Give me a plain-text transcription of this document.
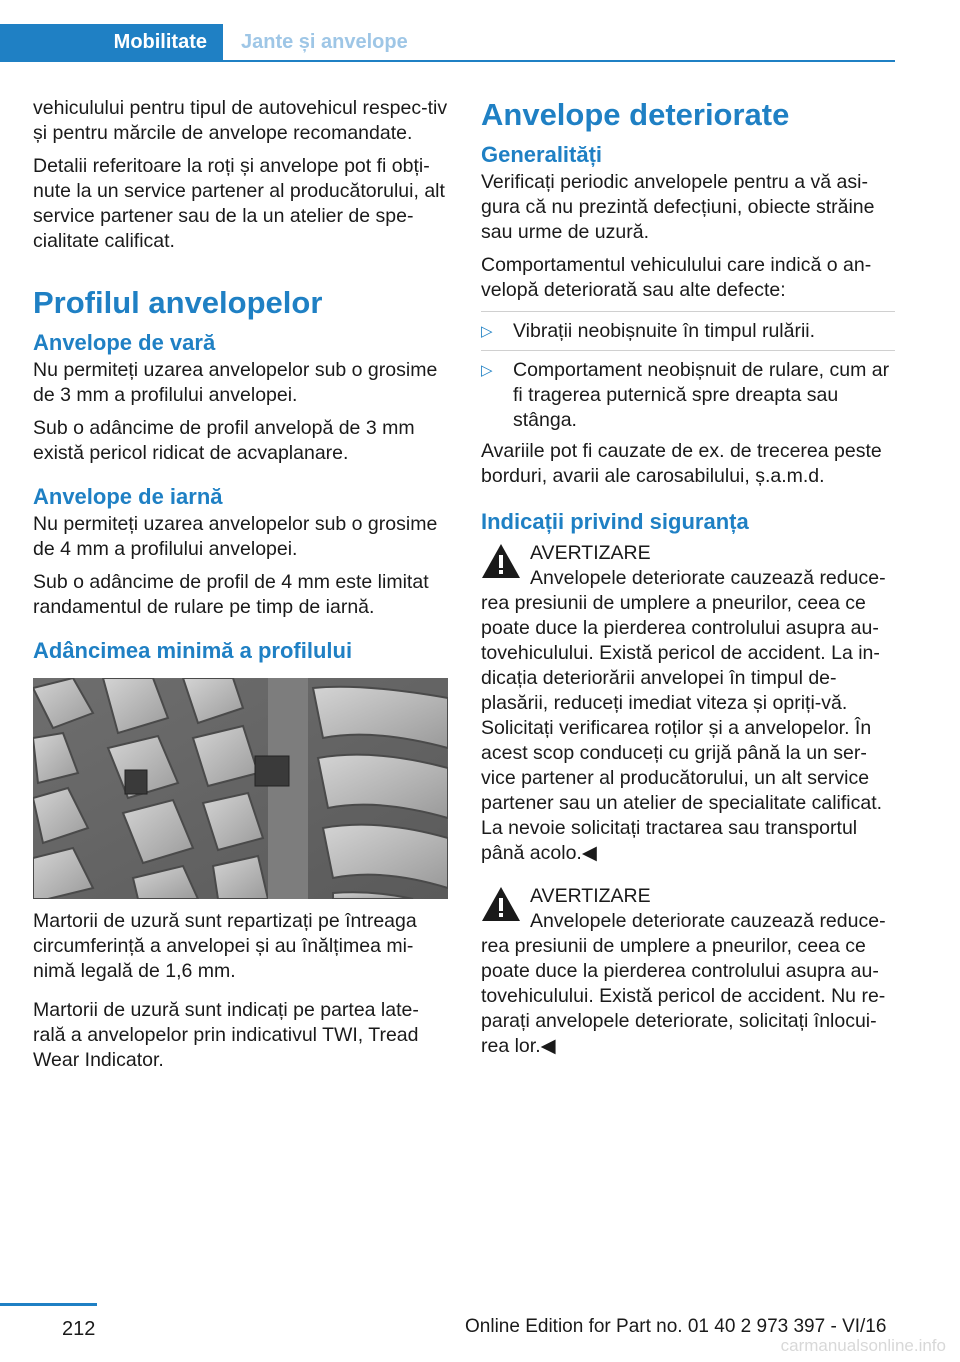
Mobilitate	Jante și anvelope

vehiculului pentru tipul de autovehicul respec‐tiv și pentru mărcile de anvelope recomandate.

Detalii referitoare la roți și anvelope pot fi obți‐nute la un service partener al producătorului, alt service partener sau de la un atelier de spe‐cialitate calificat.

Profilul anvelopelor
Anvelope de vară

Nu permiteți uzarea anvelopelor sub o grosime de 3 mm a profilului anvelopei.

Sub o adâncime de profil anvelopă de 3 mm există pericol ridicat de acvaplanare.

Anvelope de iarnă

Nu permiteți uzarea anvelopelor sub o grosime de 4 mm a profilului anvelopei.

Sub o adâncime de profil de 4 mm este limitat randamentul de rulare pe timp de iarnă.

Adâncimea minimă a profilului

Martorii de uzură sunt repartizați pe întreaga circumferință a anvelopei și au înălțimea mi‐nimă legală de 1,6 mm.

Martorii de uzură sunt indicați pe partea late‐rală a anvelopelor prin indicativul TWI, Tread Wear Indicator.

Anvelope deteriorate
Generalități

Verificați periodic anvelopele pentru a vă asi‐gura că nu prezintă defecțiuni, obiecte străine sau urme de uzură.

Comportamentul vehiculului care indică o an‐velopă deteriorată sau alte defecte:

▷	Vibrații neobișnuite în timpul rulării.
▷	Comportament neobișnuit de rulare, cum ar fi tragerea puternică spre dreapta sau stânga.

Avariile pot fi cauzate de ex. de trecerea peste borduri, avarii ale carosabilului, ș.a.m.d.

Indicații privind siguranța

AVERTIZARE

Anvelopele deteriorate cauzează reduce‐

rea presiunii de umplere a pneurilor, ceea ce poate duce la pierderea controlului asupra au‐tovehiculului. Există pericol de accident. La in‐dicația deteriorării anvelopei în timpul de‐plasării, reduceți imediat viteza și opriți-vă. Solicitați verificarea roților și a anvelopelor. În acest scop conduceți cu grijă până la un ser‐vice partener al producătorului, un alt service partener sau un atelier de specialitate calificat. La nevoie solicitați tractarea sau transportul până acolo.◀

AVERTIZARE

Anvelopele deteriorate cauzează reduce‐

rea presiunii de umplere a pneurilor, ceea ce poate duce la pierderea controlului asupra au‐tovehiculului. Există pericol de accident. Nu re‐parați anvelopele deteriorate, solicitați înlocui‐rea lor.◀

212	Online Edition for Part no. 01 40 2 973 397 - VI/16
carmanualsonline.info
